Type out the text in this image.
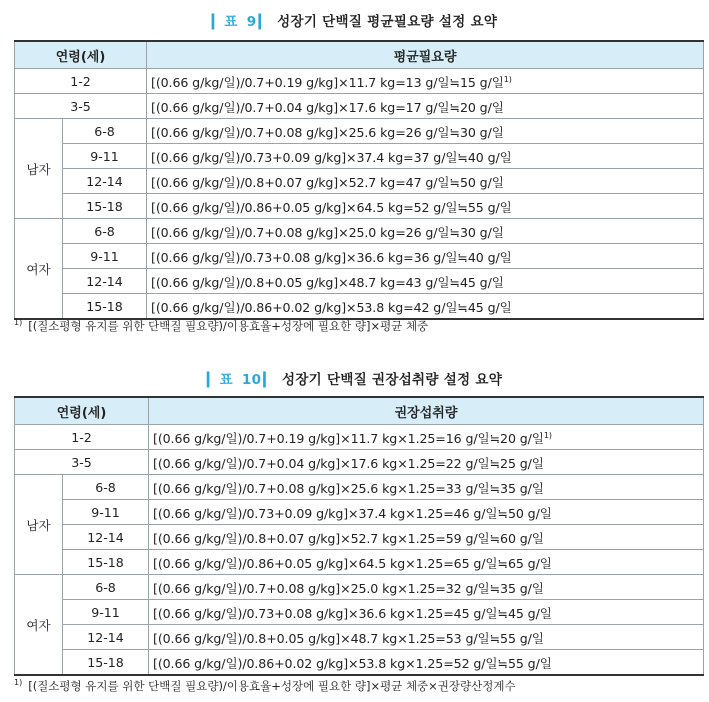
▎ 표 9 ▎ 성장기 단백질 평균필요량 설정 요약
연령(세)		평균필요량
1-2		[(0.66 g/kg/일)/0.7+0.19 g/kg]×11.7 kg=13 g/일≒15 g/일$^{1)}$
3-5		[(0.66 g/kg/일)/0.7+0.04 g/kg]×17.6 kg=17 g/일≒20 g/일
남자	6-8	[(0.66 g/kg/일)/0.7+0.08 g/kg]×25.6 kg=26 g/일≒30 g/일
	9-11	[(0.66 g/kg/일)/0.73+0.09 g/kg]×37.4 kg=37 g/일≒40 g/일
	12-14	[(0.66 g/kg/일)/0.8+0.07 g/kg]×52.7 kg=47 g/일≒50 g/일
	15-18	[(0.66 g/kg/일)/0.86+0.05 g/kg]×64.5 kg=52 g/일≒55 g/일
여자	6-8	[(0.66 g/kg/일)/0.7+0.08 g/kg]×25.0 kg=26 g/일≒30 g/일
	9-11	[(0.66 g/kg/일)/0.73+0.08 g/kg]×36.6 kg=36 g/일≒40 g/일
	12-14	[(0.66 g/kg/일)/0.8+0.05 g/kg]×48.7 kg=43 g/일≒45 g/일
	15-18	[(0.66 g/kg/일)/0.86+0.02 g/kg]×53.8 kg=42 g/일≒45 g/일
$^{1)}$ [(질소평형 유지를 위한 단백질 필요량)/이용효율+성장에 필요한 량]×평균 체중
▎ 표 10 ▎ 성장기 단백질 권장섭취량 설정 요약
연령(세)		권장섭취량
1-2		[(0.66 g/kg/일)/0.7+0.19 g/kg]×11.7 kg×1.25=16 g/일≒20 g/일$^{1)}$
3-5		[(0.66 g/kg/일)/0.7+0.04 g/kg]×17.6 kg×1.25=22 g/일≒25 g/일
남자	6-8	[(0.66 g/kg/일)/0.7+0.08 g/kg]×25.6 kg×1.25=33 g/일≒35 g/일
	9-11	[(0.66 g/kg/일)/0.73+0.09 g/kg]×37.4 kg×1.25=46 g/일≒50 g/일
	12-14	[(0.66 g/kg/일)/0.8+0.07 g/kg]×52.7 kg×1.25=59 g/일≒60 g/일
	15-18	[(0.66 g/kg/일)/0.86+0.05 g/kg]×64.5 kg×1.25=65 g/일≒65 g/일
여자	6-8	[(0.66 g/kg/일)/0.7+0.08 g/kg]×25.0 kg×1.25=32 g/일≒35 g/일
	9-11	[(0.66 g/kg/일)/0.73+0.08 g/kg]×36.6 kg×1.25=45 g/일≒45 g/일
	12-14	[(0.66 g/kg/일)/0.8+0.05 g/kg]×48.7 kg×1.25=53 g/일≒55 g/일
	15-18	[(0.66 g/kg/일)/0.86+0.02 g/kg]×53.8 kg×1.25=52 g/일≒55 g/일
$^{1)}$ [(질소평형 유지를 위한 단백질 필요량)/이용효율+성장에 필요한 량]×평균 체중×권장량산정계수
